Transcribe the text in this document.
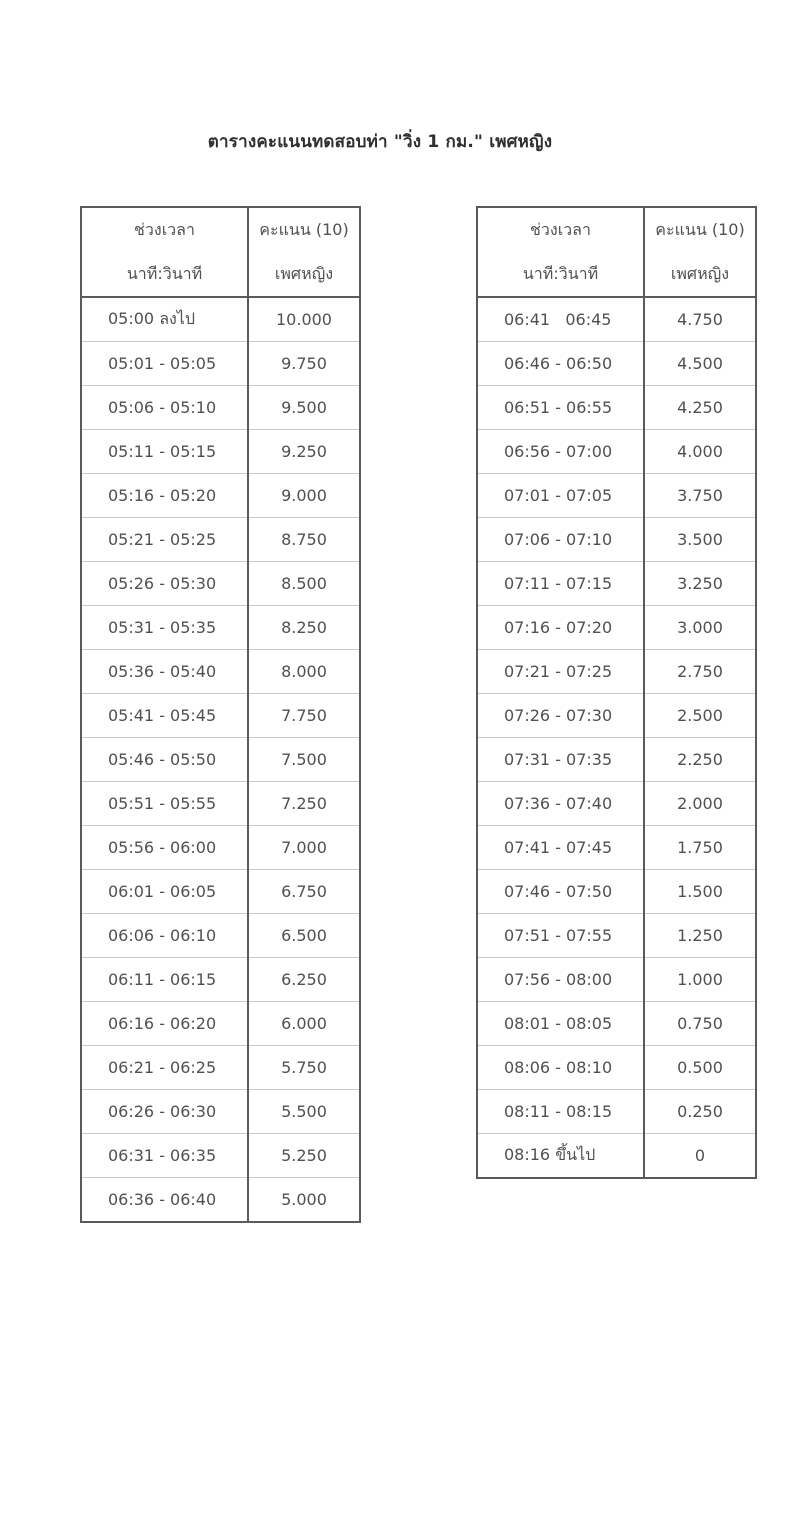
ตารางคะแนนทดสอบท่า "วิ่ง 1 กม." เพศหญิง
ช่วงเวลา
นาที:วินาที	คะแนน (10)
เพศหญิง

05:00 ลงไป	10.000
05:01 - 05:05	9.750
05:06 - 05:10	9.500
05:11 - 05:15	9.250
05:16 - 05:20	9.000
05:21 - 05:25	8.750
05:26 - 05:30	8.500
05:31 - 05:35	8.250
05:36 - 05:40	8.000
05:41 - 05:45	7.750
05:46 - 05:50	7.500
05:51 - 05:55	7.250
05:56 - 06:00	7.000
06:01 - 06:05	6.750
06:06 - 06:10	6.500
06:11 - 06:15	6.250
06:16 - 06:20	6.000
06:21 - 06:25	5.750
06:26 - 06:30	5.500
06:31 - 06:35	5.250
06:36 - 06:40	5.000
ช่วงเวลา
นาที:วินาที	คะแนน (10)
เพศหญิง

06:41   06:45	4.750
06:46 - 06:50	4.500
06:51 - 06:55	4.250
06:56 - 07:00	4.000
07:01 - 07:05	3.750
07:06 - 07:10	3.500
07:11 - 07:15	3.250
07:16 - 07:20	3.000
07:21 - 07:25	2.750
07:26 - 07:30	2.500
07:31 - 07:35	2.250
07:36 - 07:40	2.000
07:41 - 07:45	1.750
07:46 - 07:50	1.500
07:51 - 07:55	1.250
07:56 - 08:00	1.000
08:01 - 08:05	0.750
08:06 - 08:10	0.500
08:11 - 08:15	0.250
08:16 ขึ้นไป	0
